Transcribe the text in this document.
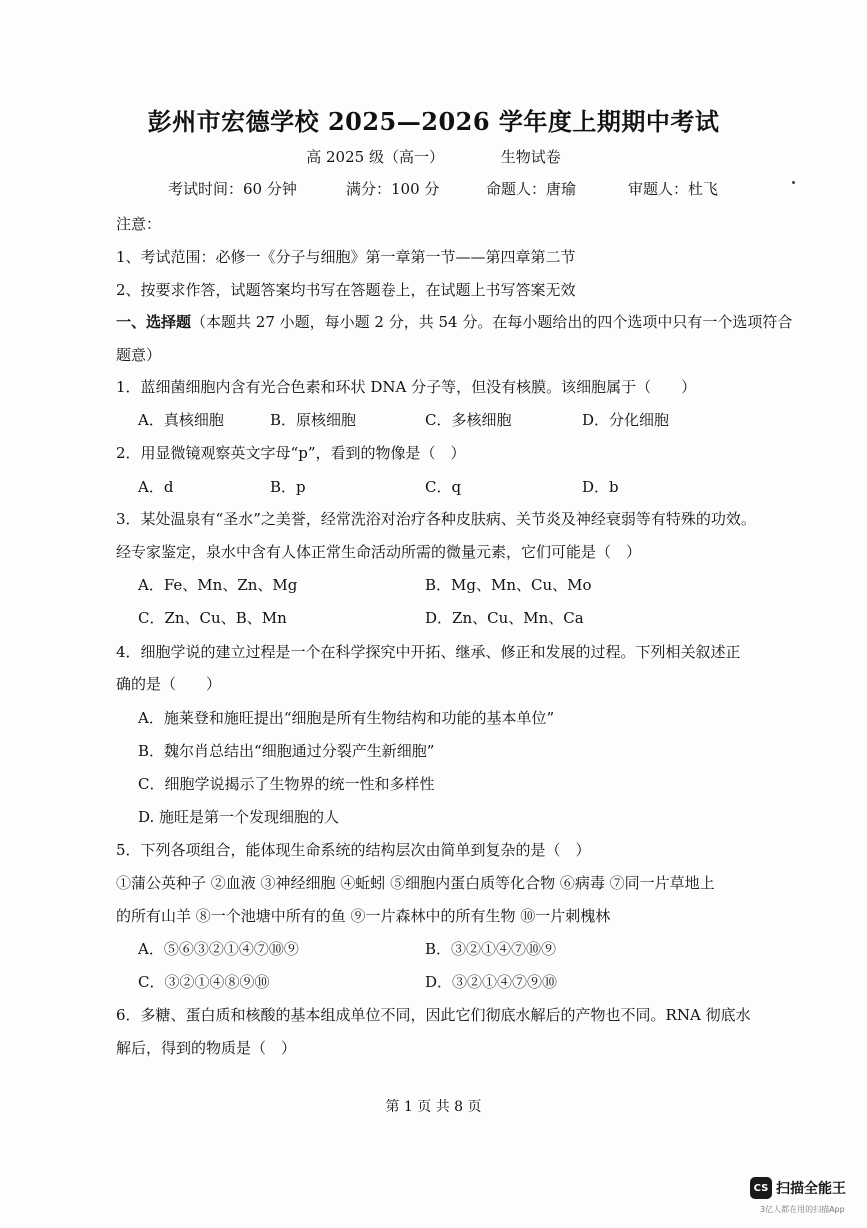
彭州市宏德学校 2025—2026 学年度上期期中考试
高 2025 级（高一）	生物试卷
考试时间：60 分钟	满分：100 分	命题人：唐瑜	审题人：杜飞
注意：
1、考试范围：必修一《分子与细胞》第一章第一节——第四章第二节
2、按要求作答，试题答案均书写在答题卷上，在试题上书写答案无效
一、选择题（本题共 27 小题，每小题 2 分，共 54 分。在每小题给出的四个选项中只有一个选项符合
题意）
1．蓝细菌细胞内含有光合色素和环状 DNA 分子等，但没有核膜。该细胞属于（　　）
A．真核细胞	B．原核细胞	C．多核细胞	D．分化细胞
2．用显微镜观察英文字母“p”，看到的物像是（　）
A．d	B．p	C．q	D．b
3．某处温泉有“圣水”之美誉，经常洗浴对治疗各种皮肤病、关节炎及神经衰弱等有特殊的功效。
经专家鉴定，泉水中含有人体正常生命活动所需的微量元素，它们可能是（　）
A．Fe、Mn、Zn、Mg	B．Mg、Mn、Cu、Mo
C．Zn、Cu、B、Mn	D．Zn、Cu、Mn、Ca
4．细胞学说的建立过程是一个在科学探究中开拓、继承、修正和发展的过程。下列相关叙述正
确的是（　　）
A．施莱登和施旺提出“细胞是所有生物结构和功能的基本单位”
B．魏尔肖总结出“细胞通过分裂产生新细胞”
C．细胞学说揭示了生物界的统一性和多样性
D. 施旺是第一个发现细胞的人
5．下列各项组合，能体现生命系统的结构层次由简单到复杂的是（　）
①蒲公英种子 ②血液 ③神经细胞 ④蚯蚓 ⑤细胞内蛋白质等化合物 ⑥病毒 ⑦同一片草地上
的所有山羊 ⑧一个池塘中所有的鱼 ⑨一片森林中的所有生物 ⑩一片刺槐林
A．⑤⑥③②①④⑦⑩⑨	B．③②①④⑦⑩⑨
C．③②①④⑧⑨⑩	D．③②①④⑦⑨⑩
6．多糖、蛋白质和核酸的基本组成单位不同，因此它们彻底水解后的产物也不同。RNA 彻底水
解后，得到的物质是（　）
第 1 页 共 8 页
CS 扫描全能王
3亿人都在用的扫描App
